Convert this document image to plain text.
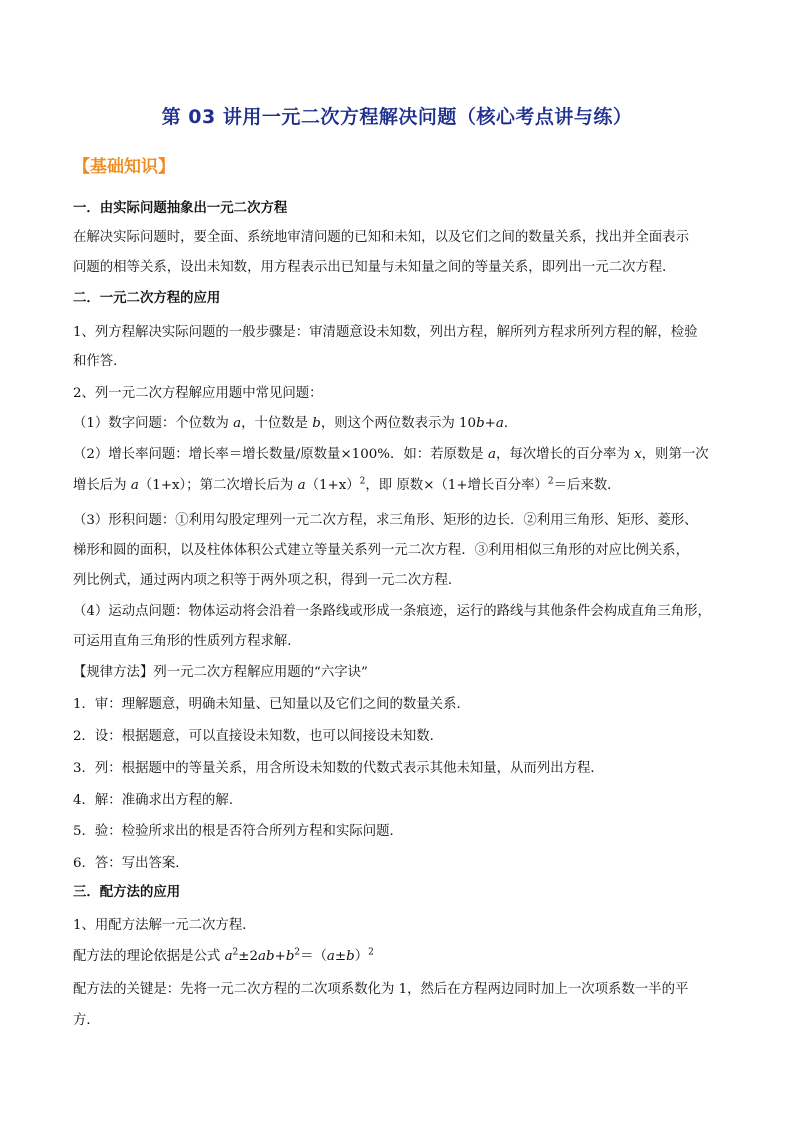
第 03 讲用一元二次方程解决问题（核心考点讲与练）
【基础知识】
一．由实际问题抽象出一元二次方程
在解决实际问题时，要全面、系统地审清问题的已知和未知，以及它们之间的数量关系，找出并全面表示
问题的相等关系，设出未知数，用方程表示出已知量与未知量之间的等量关系，即列出一元二次方程．
二．一元二次方程的应用
1、列方程解决实际问题的一般步骤是：审清题意设未知数，列出方程，解所列方程求所列方程的解，检验
和作答．
2、列一元二次方程解应用题中常见问题：
（1）数字问题：个位数为 a，十位数是 b，则这个两位数表示为 10b+a．
（2）增长率问题：增长率＝增长数量/原数量×100%．如：若原数是 a，每次增长的百分率为 x，则第一次
增长后为 a（1+x）；第二次增长后为 $a(1+x)^2$，即 原数×（1+增长百分率）$^2$＝后来数．
（3）形积问题：①利用勾股定理列一元二次方程，求三角形、矩形的边长．②利用三角形、矩形、菱形、
梯形和圆的面积，以及柱体体积公式建立等量关系列一元二次方程．③利用相似三角形的对应比例关系，
列比例式，通过两内项之积等于两外项之积，得到一元二次方程．
（4）运动点问题：物体运动将会沿着一条路线或形成一条痕迹，运行的路线与其他条件会构成直角三角形，
可运用直角三角形的性质列方程求解．
【规律方法】列一元二次方程解应用题的“六字诀”
1．审：理解题意，明确未知量、已知量以及它们之间的数量关系．
2．设：根据题意，可以直接设未知数，也可以间接设未知数．
3．列：根据题中的等量关系，用含所设未知数的代数式表示其他未知量，从而列出方程．
4．解：准确求出方程的解．
5．验：检验所求出的根是否符合所列方程和实际问题．
6．答：写出答案．
三．配方法的应用
1、用配方法解一元二次方程．
配方法的理论依据是公式 $a^2\pm 2ab+b^2=(a\pm b)^2$
配方法的关键是：先将一元二次方程的二次项系数化为 1，然后在方程两边同时加上一次项系数一半的平
方．
